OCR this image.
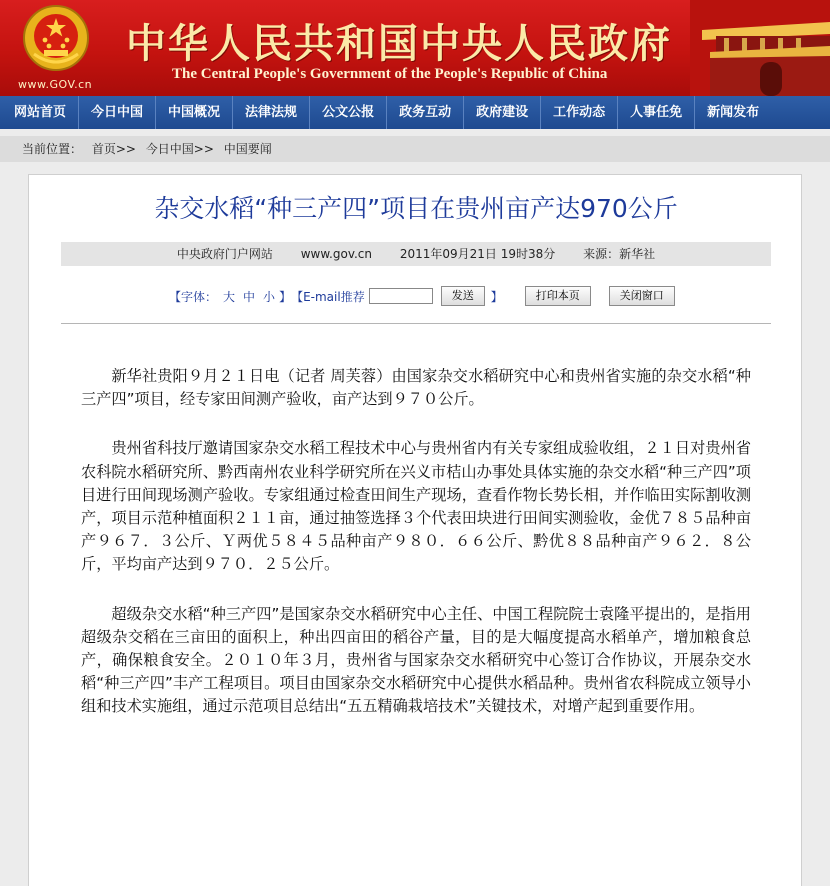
www.GOV.cn
中华人民共和国中央人民政府
The Central People's Government of the People's Republic of China
网站首页	今日中国	中国概况	法律法规	公文公报	政务互动	政府建设	工作动态	人事任免	新闻发布
当前位置： 首页>> 今日中国>> 中国要闻
杂交水稻“种三产四”项目在贵州亩产达970公斤
中央政府门户网站 www.gov.cn 2011年09月21日 19时38分 来源：新华社
【字体： 大 中 小 】 【E-mail推荐	发送	】	打印本页	关闭窗口

新华社贵阳９月２１日电（记者 周芙蓉）由国家杂交水稻研究中心和贵州省实施的杂交水稻“种三产四”项目，经专家田间测产验收，亩产达到９７０公斤。

贵州省科技厅邀请国家杂交水稻工程技术中心与贵州省内有关专家组成验收组，２１日对贵州省农科院水稻研究所、黔西南州农业科学研究所在兴义市桔山办事处具体实施的杂交水稻“种三产四”项目进行田间现场测产验收。专家组通过检查田间生产现场，查看作物长势长相，并作临田实际割收测产，项目示范种植面积２１１亩，通过抽签选择３个代表田块进行田间实测验收，金优７８５品种亩产９６７．３公斤、Ｙ两优５８４５品种亩产９８０．６６公斤、黔优８８品种亩产９６２．８公斤，平均亩产达到９７０．２５公斤。

超级杂交水稻“种三产四”是国家杂交水稻研究中心主任、中国工程院院士袁隆平提出的，是指用超级杂交稻在三亩田的面积上，种出四亩田的稻谷产量，目的是大幅度提高水稻单产，增加粮食总产，确保粮食安全。２０１０年３月，贵州省与国家杂交水稻研究中心签订合作协议，开展杂交水稻“种三产四”丰产工程项目。项目由国家杂交水稻研究中心提供水稻品种。贵州省农科院成立领导小组和技术实施组，通过示范项目总结出“五五精确栽培技术”关键技术，对增产起到重要作用。
